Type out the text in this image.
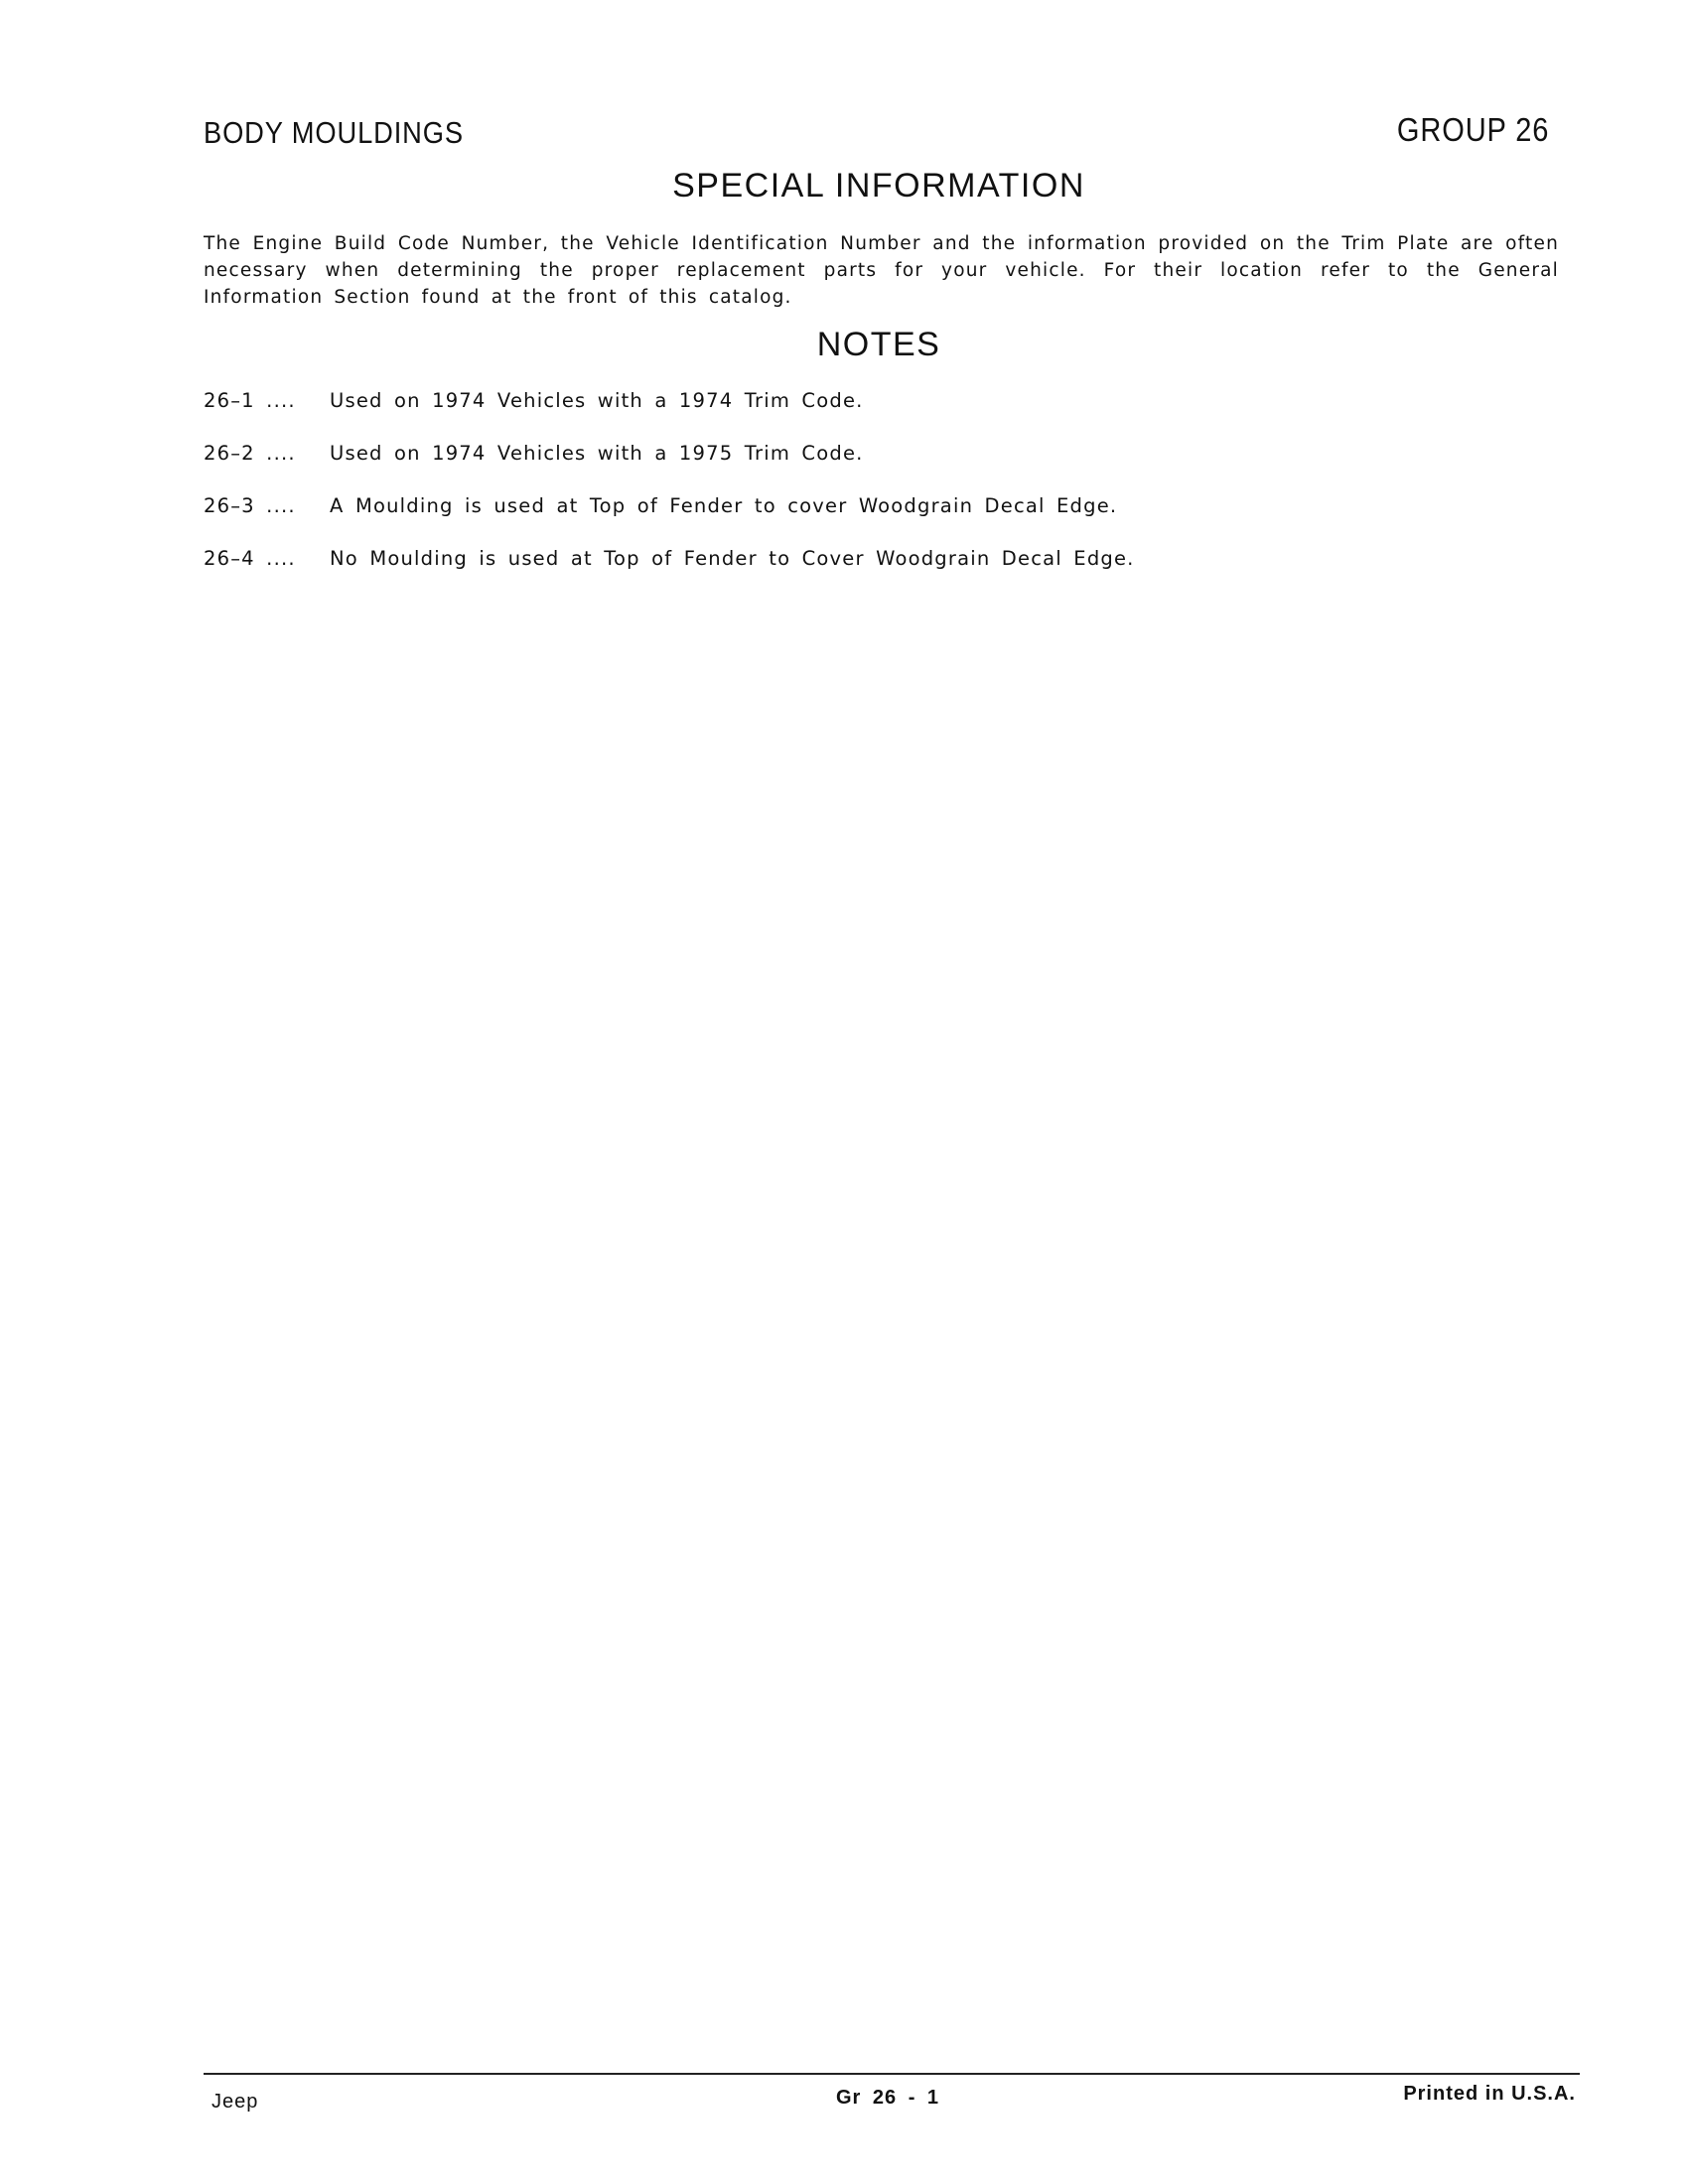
BODY MOULDINGS	GROUP 26
SPECIAL INFORMATION

The Engine Build Code Number, the Vehicle Identification Number and the information provided on the Trim Plate are often necessary when determining the proper replacement parts for your vehicle. For their location refer to the General Information Section found at the front of this catalog.

NOTES
26–1 ....	Used on 1974 Vehicles with a 1974 Trim Code.
26–2 ....	Used on 1974 Vehicles with a 1975 Trim Code.
26–3 ....	A Moulding is used at Top of Fender to cover Woodgrain Decal Edge.
26–4 ....	No Moulding is used at Top of Fender to Cover Woodgrain Decal Edge.
Jeep	Gr 26 - 1	Printed in U.S.A.
